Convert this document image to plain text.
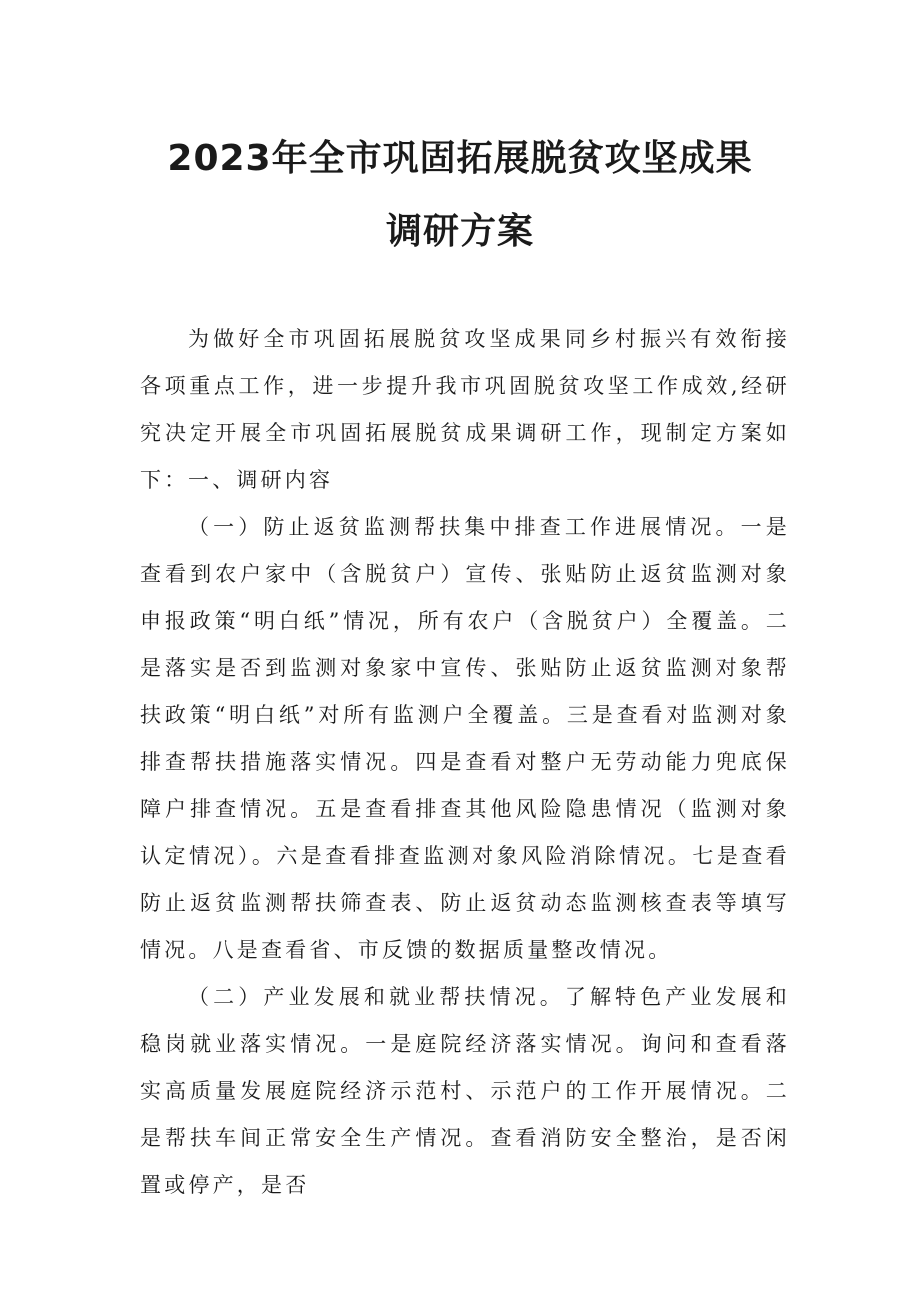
2023年全市巩固拓展脱贫攻坚成果
调研方案

为做好全市巩固拓展脱贫攻坚成果同乡村振兴有效衔接各项重点工作，进一步提升我市巩固脱贫攻坚工作成效,经研究决定开展全市巩固拓展脱贫成果调研工作，现制定方案如下： 一、调研内容

（一）防止返贫监测帮扶集中排查工作进展情况。一是查看到农户家中（含脱贫户）宣传、张贴防止返贫监测对象申报政策“明白纸”情况，所有农户（含脱贫户）全覆盖。二是落实是否到监测对象家中宣传、张贴防止返贫监测对象帮扶政策“明白纸”对所有监测户全覆盖。三是查看对监测对象排查帮扶措施落实情况。四是查看对整户无劳动能力兜底保障户排查情况。五是查看排查其他风险隐患情况（监测对象认定情况）。六是查看排查监测对象风险消除情况。七是查看防止返贫监测帮扶筛查表、防止返贫动态监测核查表等填写情况。八是查看省、市反馈的数据质量整改情况。

（二）产业发展和就业帮扶情况。了解特色产业发展和稳岗就业落实情况。一是庭院经济落实情况。询问和查看落实高质量发展庭院经济示范村、示范户的工作开展情况。二是帮扶车间正常安全生产情况。查看消防安全整治，是否闲置或停产，是否
